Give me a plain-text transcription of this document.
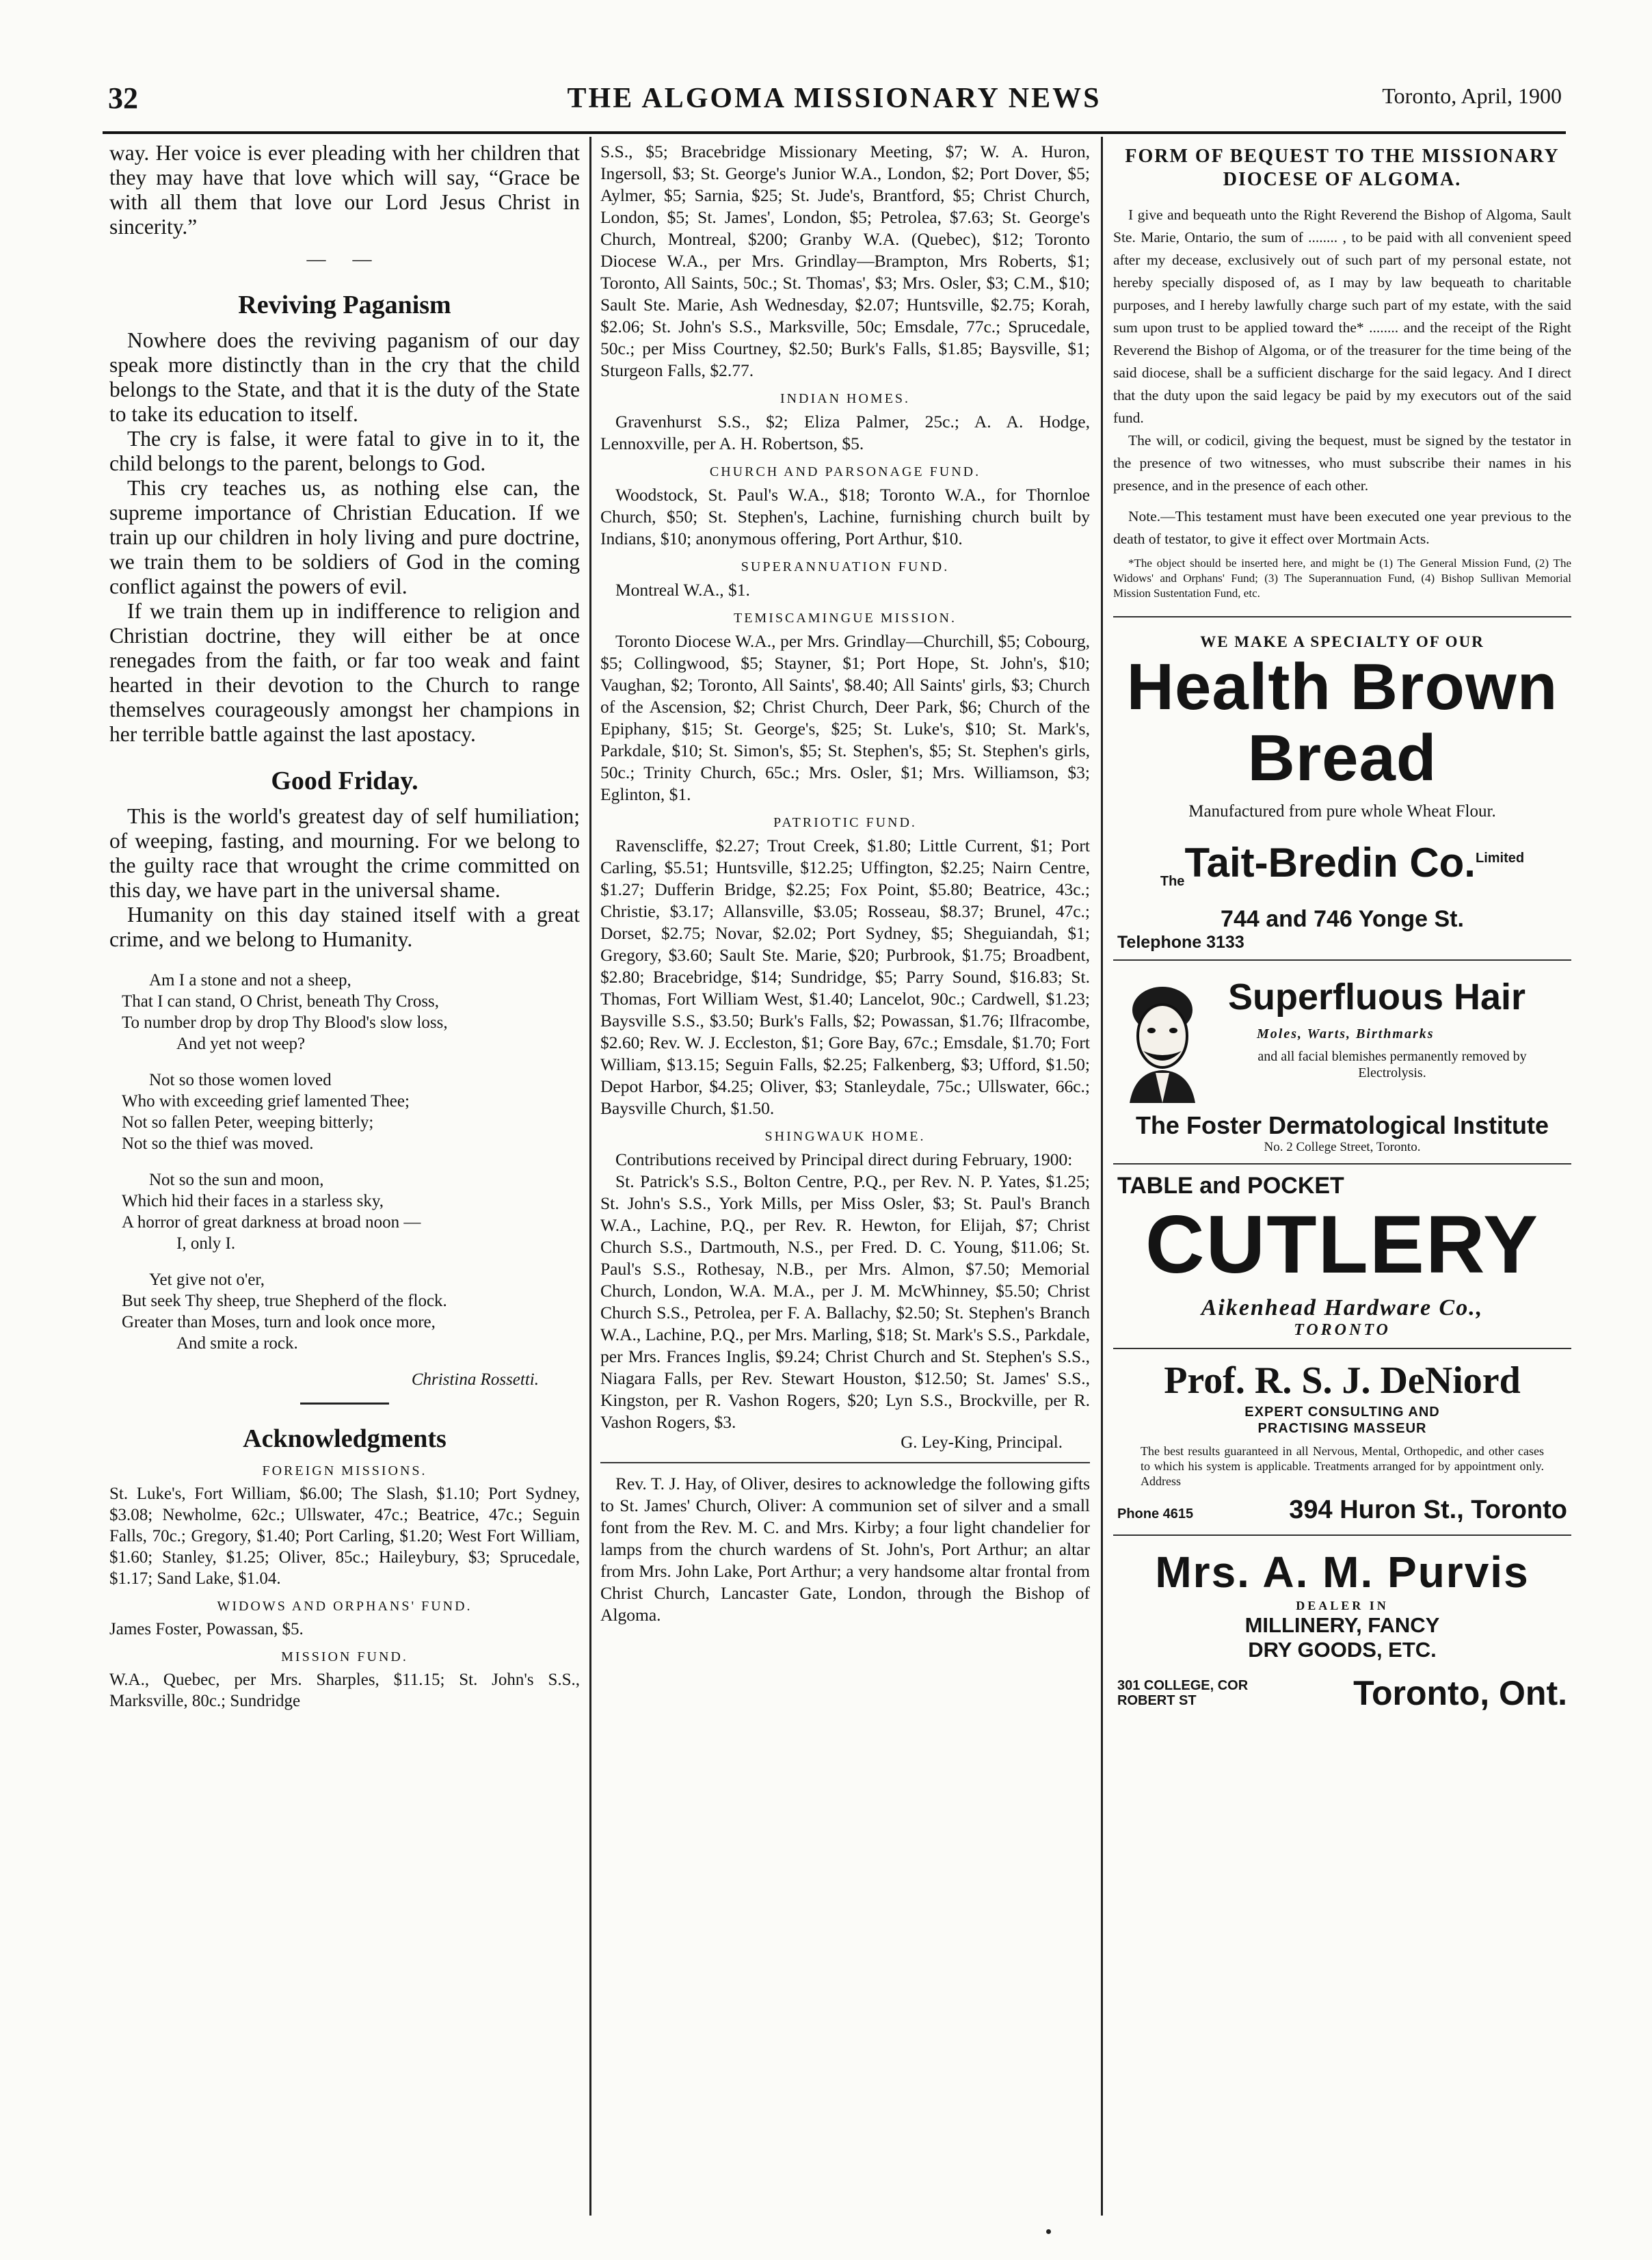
32	THE ALGOMA MISSIONARY NEWS	Toronto, April, 1900

way. Her voice is ever pleading with her children that they may have that love which will say, “Grace be with all them that love our Lord Jesus Christ in sincerity.”

— —
Reviving Paganism

Nowhere does the reviving paganism of our day speak more distinctly than in the cry that the child belongs to the State, and that it is the duty of the State to take its education to itself.

The cry is false, it were fatal to give in to it, the child belongs to the parent, belongs to God.

This cry teaches us, as nothing else can, the supreme importance of Christian Education. If we train up our children in holy living and pure doctrine, we train them to be soldiers of God in the coming conflict against the powers of evil.

If we train them up in indifference to religion and Christian doctrine, they will either be at once renegades from the faith, or far too weak and faint hearted in their devotion to the Church to range themselves courageously amongst her champions in her terrible battle against the last apostacy.

Good Friday.

This is the world's greatest day of self humiliation; of weeping, fasting, and mourning. For we belong to the guilty race that wrought the crime committed on this day, we have part in the universal shame.

Humanity on this day stained itself with a great crime, and we belong to Humanity.

Am I a stone and not a sheep,
That I can stand, O Christ, beneath Thy Cross,
To number drop by drop Thy Blood's slow loss,
And yet not weep?
Not so those women loved
Who with exceeding grief lamented Thee;
Not so fallen Peter, weeping bitterly;
Not so the thief was moved.
Not so the sun and moon,
Which hid their faces in a starless sky,
A horror of great darkness at broad noon —
I, only I.
Yet give not o'er,
But seek Thy sheep, true Shepherd of the flock.
Greater than Moses, turn and look once more,
And smite a rock.
Christina Rossetti.
Acknowledgments
FOREIGN MISSIONS.
St. Luke's, Fort William, $6.00; The Slash, $1.10; Port Sydney, $3.08; Newholme, 62c.; Ullswater, 47c.; Beatrice, 47c.; Seguin Falls, 70c.; Gregory, $1.40; Port Carling, $1.20; West Fort William, $1.60; Stanley, $1.25; Oliver, 85c.; Haileybury, $3; Sprucedale, $1.17; Sand Lake, $1.04.
WIDOWS AND ORPHANS' FUND.
James Foster, Powassan, $5.
MISSION FUND.
W.A., Quebec, per Mrs. Sharples, $11.15; St. John's S.S., Marksville, 80c.; Sundridge
S.S., $5; Bracebridge Missionary Meeting, $7; W. A. Huron, Ingersoll, $3; St. George's Junior W.A., London, $2; Port Dover, $5; Aylmer, $5; Sarnia, $25; St. Jude's, Brantford, $5; Christ Church, London, $5; St. James', London, $5; Petrolea, $7.63; St. George's Church, Montreal, $200; Granby W.A. (Quebec), $12; Toronto Diocese W.A., per Mrs. Grindlay—Brampton, Mrs Roberts, $1; Toronto, All Saints, 50c.; St. Thomas', $3; Mrs. Osler, $3; C.M., $10; Sault Ste. Marie, Ash Wednesday, $2.07; Huntsville, $2.75; Korah, $2.06; St. John's S.S., Marksville, 50c; Emsdale, 77c.; Sprucedale, 50c.; per Miss Courtney, $2.50; Burk's Falls, $1.85; Baysville, $1; Sturgeon Falls, $2.77.
INDIAN HOMES.
Gravenhurst S.S., $2; Eliza Palmer, 25c.; A. A. Hodge, Lennoxville, per A. H. Robertson, $5.
CHURCH AND PARSONAGE FUND.
Woodstock, St. Paul's W.A., $18; Toronto W.A., for Thornloe Church, $50; St. Stephen's, Lachine, furnishing church built by Indians, $10; anonymous offering, Port Arthur, $10.
SUPERANNUATION FUND.
Montreal W.A., $1.
TEMISCAMINGUE MISSION.
Toronto Diocese W.A., per Mrs. Grindlay—Churchill, $5; Cobourg, $5; Collingwood, $5; Stayner, $1; Port Hope, St. John's, $10; Vaughan, $2; Toronto, All Saints', $8.40; All Saints' girls, $3; Church of the Ascension, $2; Christ Church, Deer Park, $6; Church of the Epiphany, $15; St. George's, $25; St. Luke's, $10; St. Mark's, Parkdale, $10; St. Simon's, $5; St. Stephen's, $5; St. Stephen's girls, 50c.; Trinity Church, 65c.; Mrs. Osler, $1; Mrs. Williamson, $3; Eglinton, $1.
PATRIOTIC FUND.
Ravenscliffe, $2.27; Trout Creek, $1.80; Little Current, $1; Port Carling, $5.51; Huntsville, $12.25; Uffington, $2.25; Nairn Centre, $1.27; Dufferin Bridge, $2.25; Fox Point, $5.80; Beatrice, 43c.; Christie, $3.17; Allansville, $3.05; Rosseau, $8.37; Brunel, 47c.; Dorset, $2.75; Novar, $2.02; Port Sydney, $5; Sheguiandah, $1; Gregory, $3.60; Sault Ste. Marie, $20; Purbrook, $1.75; Broadbent, $2.80; Bracebridge, $14; Sundridge, $5; Parry Sound, $16.83; St. Thomas, Fort William West, $1.40; Lancelot, 90c.; Cardwell, $1.23; Baysville S.S., $3.50; Burk's Falls, $2; Powassan, $1.76; Ilfracombe, $2.60; Rev. W. J. Eccleston, $1; Gore Bay, 67c.; Emsdale, $1.70; Fort William, $13.15; Seguin Falls, $2.25; Falkenberg, $3; Ufford, $1.50; Depot Harbor, $4.25; Oliver, $3; Stanleydale, 75c.; Ullswater, 66c.; Baysville Church, $1.50.
SHINGWAUK HOME.
Contributions received by Principal direct during February, 1900:
St. Patrick's S.S., Bolton Centre, P.Q., per Rev. N. P. Yates, $1.25; St. John's S.S., York Mills, per Miss Osler, $3; St. Paul's Branch W.A., Lachine, P.Q., per Rev. R. Hewton, for Elijah, $7; Christ Church S.S., Dartmouth, N.S., per Fred. D. C. Young, $11.06; St. Paul's S.S., Rothesay, N.B., per Mrs. Almon, $7.50; Memorial Church, London, W.A. M.A., per J. M. McWhinney, $5.50; Christ Church S.S., Petrolea, per F. A. Ballachy, $2.50; St. Stephen's Branch W.A., Lachine, P.Q., per Mrs. Marling, $18; St. Mark's S.S., Parkdale, per Mrs. Frances Inglis, $9.24; Christ Church and St. Stephen's S.S., Niagara Falls, per Rev. Stewart Houston, $12.50; St. James' S.S., Kingston, per R. Vashon Rogers, $20; Lyn S.S., Brockville, per R. Vashon Rogers, $3.
G. Ley-King, Principal.
Rev. T. J. Hay, of Oliver, desires to acknowledge the following gifts to St. James' Church, Oliver: A communion set of silver and a small font from the Rev. M. C. and Mrs. Kirby; a four light chandelier for lamps from the church wardens of St. John's, Port Arthur; an altar from Mrs. John Lake, Port Arthur; a very handsome altar frontal from Christ Church, Lancaster Gate, London, through the Bishop of Algoma.
FORM OF BEQUEST TO THE MISSIONARY DIOCESE OF ALGOMA.
I give and bequeath unto the Right Reverend the Bishop of Algoma, Sault Ste. Marie, Ontario, the sum of ........ , to be paid with all convenient speed after my decease, exclusively out of such part of my personal estate, not hereby specially disposed of, as I may by law bequeath to charitable purposes, and I hereby lawfully charge such part of my estate, with the said sum upon trust to be applied toward the* ........ and the receipt of the Right Reverend the Bishop of Algoma, or of the treasurer for the time being of the said diocese, shall be a sufficient discharge for the said legacy. And I direct that the duty upon the said legacy be paid by my executors out of the said fund.
The will, or codicil, giving the bequest, must be signed by the testator in the presence of two witnesses, who must subscribe their names in his presence, and in the presence of each other.
Note.—This testament must have been executed one year previous to the death of testator, to give it effect over Mortmain Acts.
*The object should be inserted here, and might be (1) The General Mission Fund, (2) The Widows' and Orphans' Fund; (3) The Superannuation Fund, (4) Bishop Sullivan Memorial Mission Sustentation Fund, etc.
WE MAKE A SPECIALTY OF OUR
Health Brown
Bread
Manufactured from pure whole Wheat Flour.
$_{The}$Tait-Bredin Co.$^{Limited}$
744 and 746 Yonge St.
Telephone 3133
Superfluous Hair
Moles, Warts, Birthmarks
and all facial blemishes permanently removed by Electrolysis.
The Foster Dermatological Institute
No. 2 College Street, Toronto.
TABLE and POCKET
CUTLERY
Aikenhead Hardware Co.,
TORONTO
Prof. R. S. J. DeNiord
EXPERT CONSULTING AND
PRACTISING MASSEUR
The best results guaranteed in all Nervous, Mental, Orthopedic, and other cases to which his system is applicable. Treatments arranged for by appointment only. Address
Phone 4615	394 Huron St., Toronto
Mrs. A. M. Purvis
DEALER IN
MILLINERY, FANCY
DRY GOODS, ETC.
301 COLLEGE, COR
ROBERT ST	Toronto, Ont.
